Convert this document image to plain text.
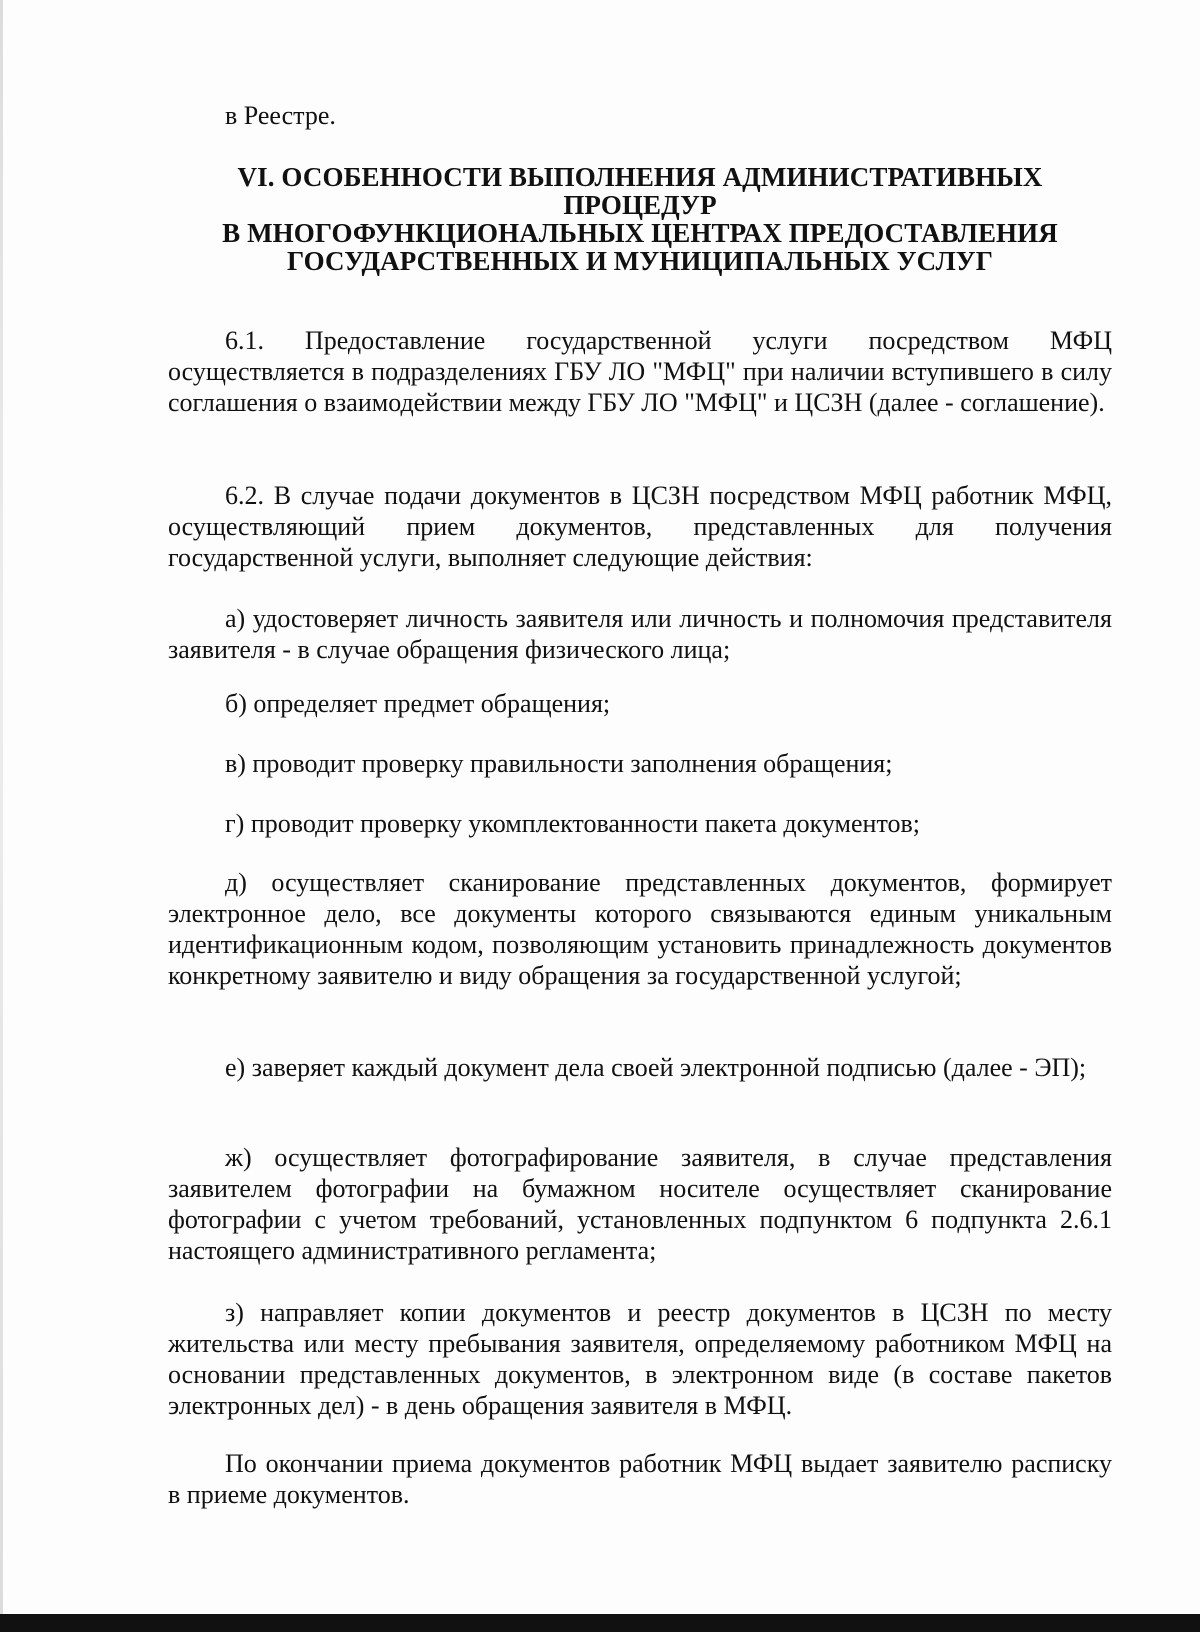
в Реестре.

VI. ОСОБЕННОСТИ ВЫПОЛНЕНИЯ АДМИНИСТРАТИВНЫХ
ПРОЦЕДУР
В МНОГОФУНКЦИОНАЛЬНЫХ ЦЕНТРАХ ПРЕДОСТАВЛЕНИЯ
ГОСУДАРСТВЕННЫХ И МУНИЦИПАЛЬНЫХ УСЛУГ

6.1. Предоставление государственной услуги посредством МФЦ осуществляется в подразделениях ГБУ ЛО "МФЦ" при наличии вступившего в силу соглашения о взаимодействии между ГБУ ЛО "МФЦ" и ЦСЗН (далее - соглашение).

6.2. В случае подачи документов в ЦСЗН посредством МФЦ работник МФЦ, осуществляющий прием документов, представленных для получения государственной услуги, выполняет следующие действия:

а) удостоверяет личность заявителя или личность и полномочия представителя заявителя - в случае обращения физического лица;

б) определяет предмет обращения;

в) проводит проверку правильности заполнения обращения;

г) проводит проверку укомплектованности пакета документов;

д) осуществляет сканирование представленных документов, формирует электронное дело, все документы которого связываются единым уникальным идентификационным кодом, позволяющим установить принадлежность документов конкретному заявителю и виду обращения за государственной услугой;

е) заверяет каждый документ дела своей электронной подписью (далее - ЭП);

ж) осуществляет фотографирование заявителя, в случае представления заявителем фотографии на бумажном носителе осуществляет сканирование фотографии с учетом требований, установленных подпунктом 6 подпункта 2.6.1 настоящего административного регламента;

з) направляет копии документов и реестр документов в ЦСЗН по месту жительства или месту пребывания заявителя, определяемому работником МФЦ на основании представленных документов, в электронном виде (в составе пакетов электронных дел) - в день обращения заявителя в МФЦ.

По окончании приема документов работник МФЦ выдает заявителю расписку в приеме документов.
